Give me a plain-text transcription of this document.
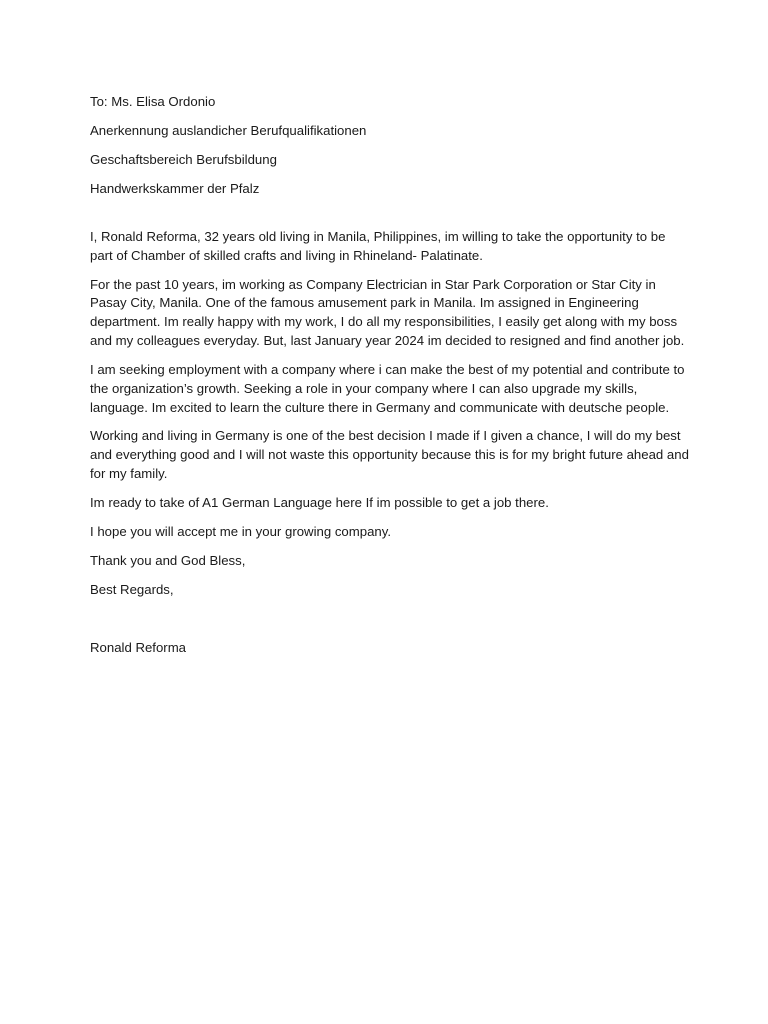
To: Ms. Elisa Ordonio

Anerkennung auslandicher Berufqualifikationen

Geschaftsbereich Berufsbildung

Handwerkskammer der Pfalz

I, Ronald Reforma, 32 years old living in Manila, Philippines, im willing to take the opportunity to be part of Chamber of skilled crafts and living in Rhineland- Palatinate.

For the past 10 years, im working as Company Electrician in Star Park Corporation or Star City in Pasay City, Manila. One of the famous amusement park in Manila. Im assigned in Engineering department. Im really happy with my work, I do all my responsibilities, I easily get along with my boss and my colleagues everyday. But, last January year 2024 im decided to resigned and find another job.

I am seeking employment with a company where i can make the best of my potential and contribute to the organization’s growth. Seeking a role in your company where I can also upgrade my skills, language. Im excited to learn the culture there in Germany and communicate with deutsche people.

Working and living in Germany is one of the best decision I made if I given a chance, I will do my best and everything good and I will not waste this opportunity because this is for my bright future ahead and for my family.

Im ready to take of A1 German Language here If im possible to get a job there.

I hope you will accept me in your growing company.

Thank you and God Bless,

Best Regards,

Ronald Reforma
